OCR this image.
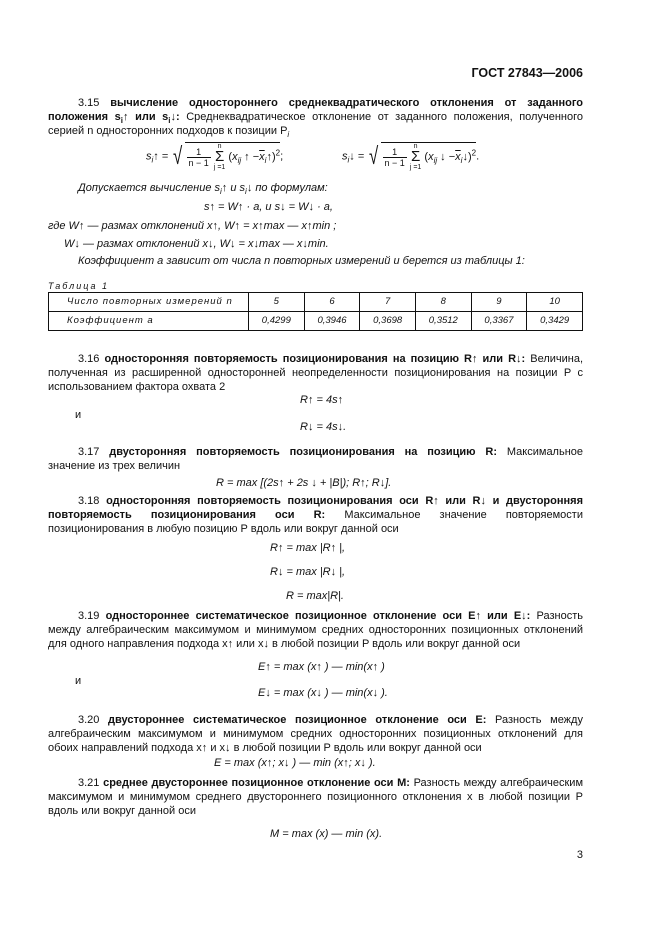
ГОСТ 27843—2006
3.15 вычисление одностороннего среднеквадратического отклонения от заданного положения $s_i↑$ или $s_i↓$: Среднеквадратическое отклонение от заданного положения, полученного серией n односторонних подходов к позиции $P_i$
$s_i↑$ = √ $\frac{1}{n - 1}$ n
Σ
j =1 ($x_{ij}$ ↑ $-\overline{x}_i↑)^2$;	$s_i↓$ = √ $\frac{1}{n - 1}$ n
Σ
j =1 ($x_{ij}$ ↓ $-\overline{x}_i↓)^2$.
Допускается вычисление $s_i↑$ и $s_i↓$ по формулам:
s↑ = W↑ · a, и s↓ = W↓ · a,
где W↑ — размах отклонений x↑, W↑ = x↑max — x↑min ;
W↓ — размах отклонений x↓, W↓ = x↓max — x↓min.
Коэффициент a зависит от числа n повторных измерений и берется из таблицы 1:
Таблица 1
Число повторных измерений n	5	6	7	8	9	10
Коэффициент a	0,4299	0,3946	0,3698	0,3512	0,3367	0,3429
3.16 односторонняя повторяемость позиционирования на позицию R↑ или R↓: Величина, полученная из расширенной односторонней неопределенности позиционирования на позиции P с использованием фактора охвата 2
R↑ = 4s↑
и
R↓ = 4s↓.
3.17 двусторонняя повторяемость позиционирования на позицию R: Максимальное значение из трех величин
R = max [(2s↑ + 2s ↓ + |B|); R↑; R↓].
3.18 односторонняя повторяемость позиционирования оси R↑ или R↓ и двусторонняя повторяемость позиционирования оси R: Максимальное значение повторяемости позиционирования в любую позицию P вдоль или вокруг данной оси
R↑ = max |R↑ |,
R↓ = max |R↓ |,
R = max|R|.
3.19 одностороннее систематическое позиционное отклонение оси E↑ или E↓: Разность между алгебраическим максимумом и минимумом средних односторонних позиционных отклонений для одного направления подхода x↑ или x↓ в любой позиции P вдоль или вокруг данной оси
E↑ = max (x↑ ) — min(x↑ )
и
E↓ = max (x↓ ) — min(x↓ ).
3.20 двустороннее систематическое позиционное отклонение оси E: Разность между алгебраическим максимумом и минимумом средних односторонних позиционных отклонений для обоих направлений подхода x↑ и x↓ в любой позиции P вдоль или вокруг данной оси
E = max (x↑; x↓ ) — min (x↑; x↓ ).
3.21 среднее двустороннее позиционное отклонение оси M: Разность между алгебраическим максимумом и минимумом среднего двустороннего позиционного отклонения x в любой позиции P вдоль или вокруг данной оси
M = max (x) — min (x).
3
